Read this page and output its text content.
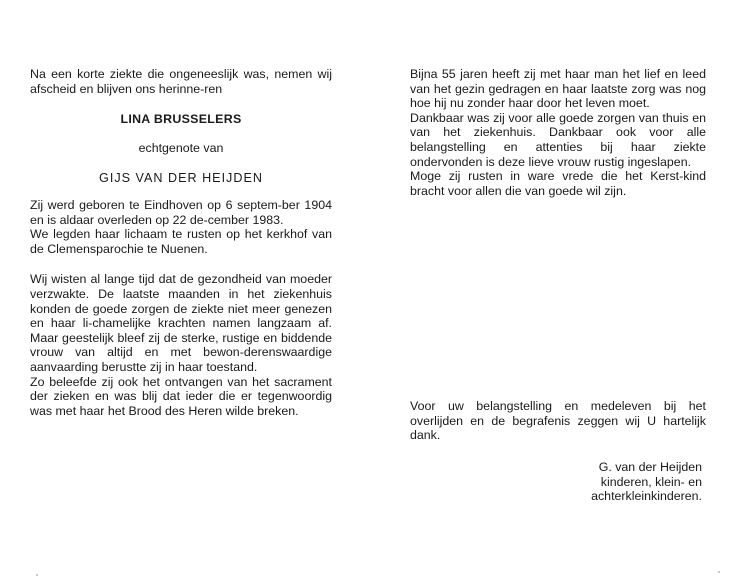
Na een korte ziekte die ongeneeslijk was, nemen wij afscheid en blijven ons herinne-ren

LINA BRUSSELERS
echtgenote van
GIJS VAN DER HEIJDEN

Zij werd geboren te Eindhoven op 6 septem-ber 1904 en is aldaar overleden op 22 de-cember 1983.

We legden haar lichaam te rusten op het kerkhof van de Clemensparochie te Nuenen.

Wij wisten al lange tijd dat de gezondheid van moeder verzwakte. De laatste maanden in het ziekenhuis konden de goede zorgen de ziekte niet meer genezen en haar li-chamelijke krachten namen langzaam af. Maar geestelijk bleef zij de sterke, rustige en biddende vrouw van altijd en met bewon-derenswaardige aanvaarding berustte zij in haar toestand.

Zo beleefde zij ook het ontvangen van het sacrament der zieken en was blij dat ieder die er tegenwoordig was met haar het Brood des Heren wilde breken.

Bijna 55 jaren heeft zij met haar man het lief en leed van het gezin gedragen en haar laatste zorg was nog hoe hij nu zonder haar door het leven moet.

Dankbaar was zij voor alle goede zorgen van thuis en van het ziekenhuis. Dankbaar ook voor alle belangstelling en attenties bij haar ziekte ondervonden is deze lieve vrouw rustig ingeslapen.

Moge zij rusten in ware vrede die het Kerst-kind bracht voor allen die van goede wil zijn.

Voor uw belangstelling en medeleven bij het overlijden en de begrafenis zeggen wij U hartelijk dank.

G. van der Heijden
kinderen, klein- en
achterkleinkinderen.
